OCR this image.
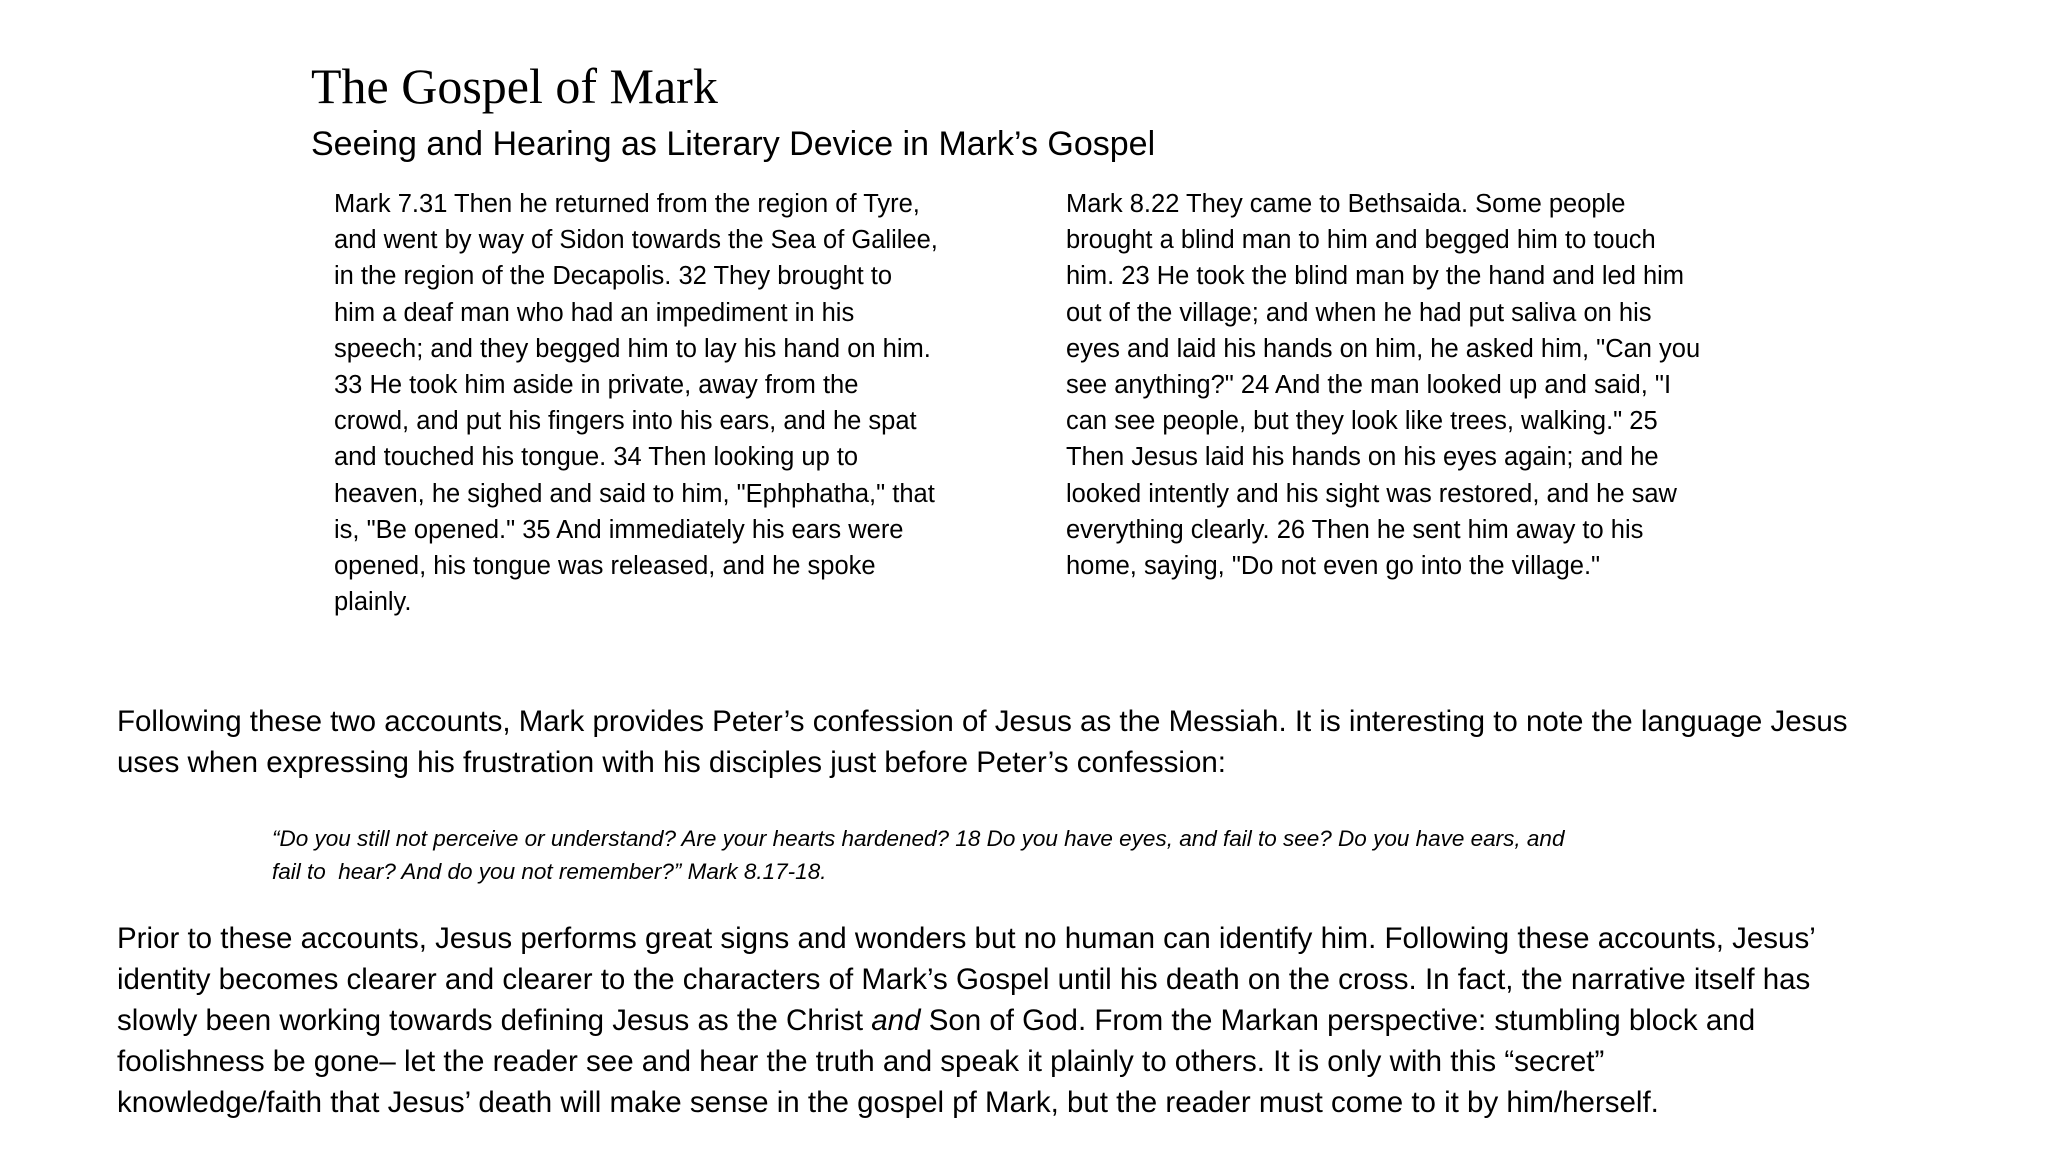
The Gospel of Mark
Seeing and Hearing as Literary Device in Mark’s Gospel
Mark 7.31 Then he returned from the region of Tyre,
and went by way of Sidon towards the Sea of Galilee,
in the region of the Decapolis. 32 They brought to
him a deaf man who had an impediment in his
speech; and they begged him to lay his hand on him.
33 He took him aside in private, away from the
crowd, and put his fingers into his ears, and he spat
and touched his tongue. 34 Then looking up to
heaven, he sighed and said to him, "Ephphatha," that
is, "Be opened." 35 And immediately his ears were
opened, his tongue was released, and he spoke
plainly.
Mark 8.22 They came to Bethsaida. Some people
brought a blind man to him and begged him to touch
him. 23 He took the blind man by the hand and led him
out of the village; and when he had put saliva on his
eyes and laid his hands on him, he asked him, "Can you
see anything?" 24 And the man looked up and said, "I
can see people, but they look like trees, walking." 25
Then Jesus laid his hands on his eyes again; and he
looked intently and his sight was restored, and he saw
everything clearly. 26 Then he sent him away to his
home, saying, "Do not even go into the village."

Following these two accounts, Mark provides Peter’s confession of Jesus as the Messiah. It is interesting to note the language Jesus
uses when expressing his frustration with his disciples just before Peter’s confession:

“Do you still not perceive or understand? Are your hearts hardened? 18 Do you have eyes, and fail to see? Do you have ears, and
fail to  hear? And do you not remember?” Mark 8.17-18.

Prior to these accounts, Jesus performs great signs and wonders but no human can identify him. Following these accounts, Jesus’
identity becomes clearer and clearer to the characters of Mark’s Gospel until his death on the cross. In fact, the narrative itself has
slowly been working towards defining Jesus as the Christ and Son of God. From the Markan perspective: stumbling block and
foolishness be gone– let the reader see and hear the truth and speak it plainly to others. It is only with this “secret”
knowledge/faith that Jesus’ death will make sense in the gospel pf Mark, but the reader must come to it by him/herself.
